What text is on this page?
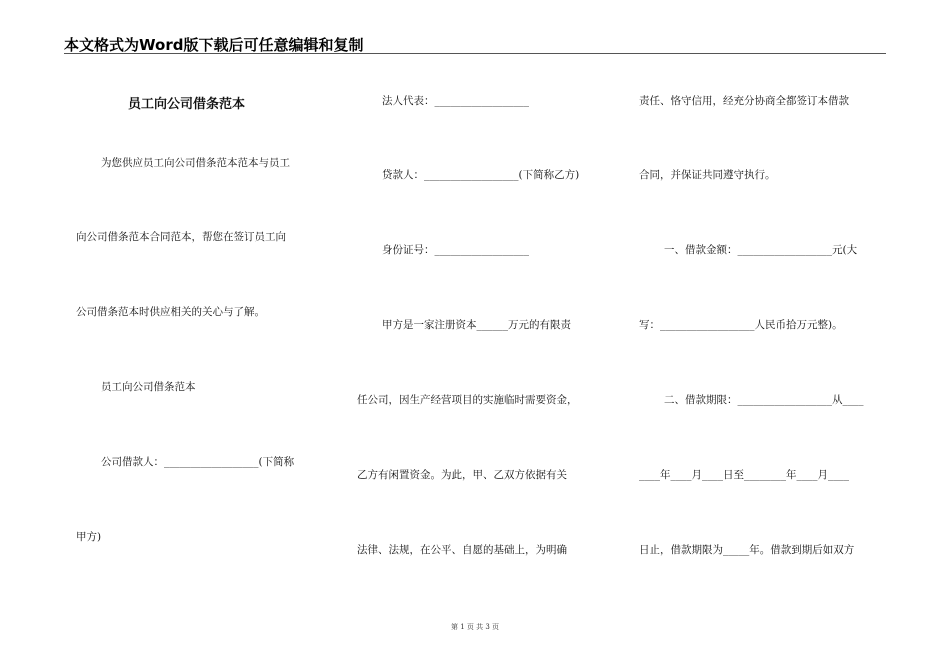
本文格式为Word版下载后可任意编辑和复制
员工向公司借条范本
为您供应员工向公司借条范本范本与员工
向公司借条范本合同范本，帮您在签订员工向
公司借条范本时供应相关的关心与了解。
员工向公司借条范本
公司借款人：__________________(下简称
甲方)
法人代表：__________________
贷款人：__________________(下简称乙方)
身份证号：__________________
甲方是一家注册资本______万元的有限责
任公司，因生产经营项目的实施临时需要资金，
乙方有闲置资金。为此，甲、乙双方依据有关
法律、法规，在公平、自愿的基础上，为明确
责任、恪守信用，经充分协商全都签订本借款
合同，并保证共同遵守执行。
一、借款金额：__________________元(大
写：__________________人民币拾万元整)。
二、借款期限：__________________从____
____年____月____日至________年____月____
日止，借款期限为_____年。借款到期后如双方
第 1 页 共 3 页
